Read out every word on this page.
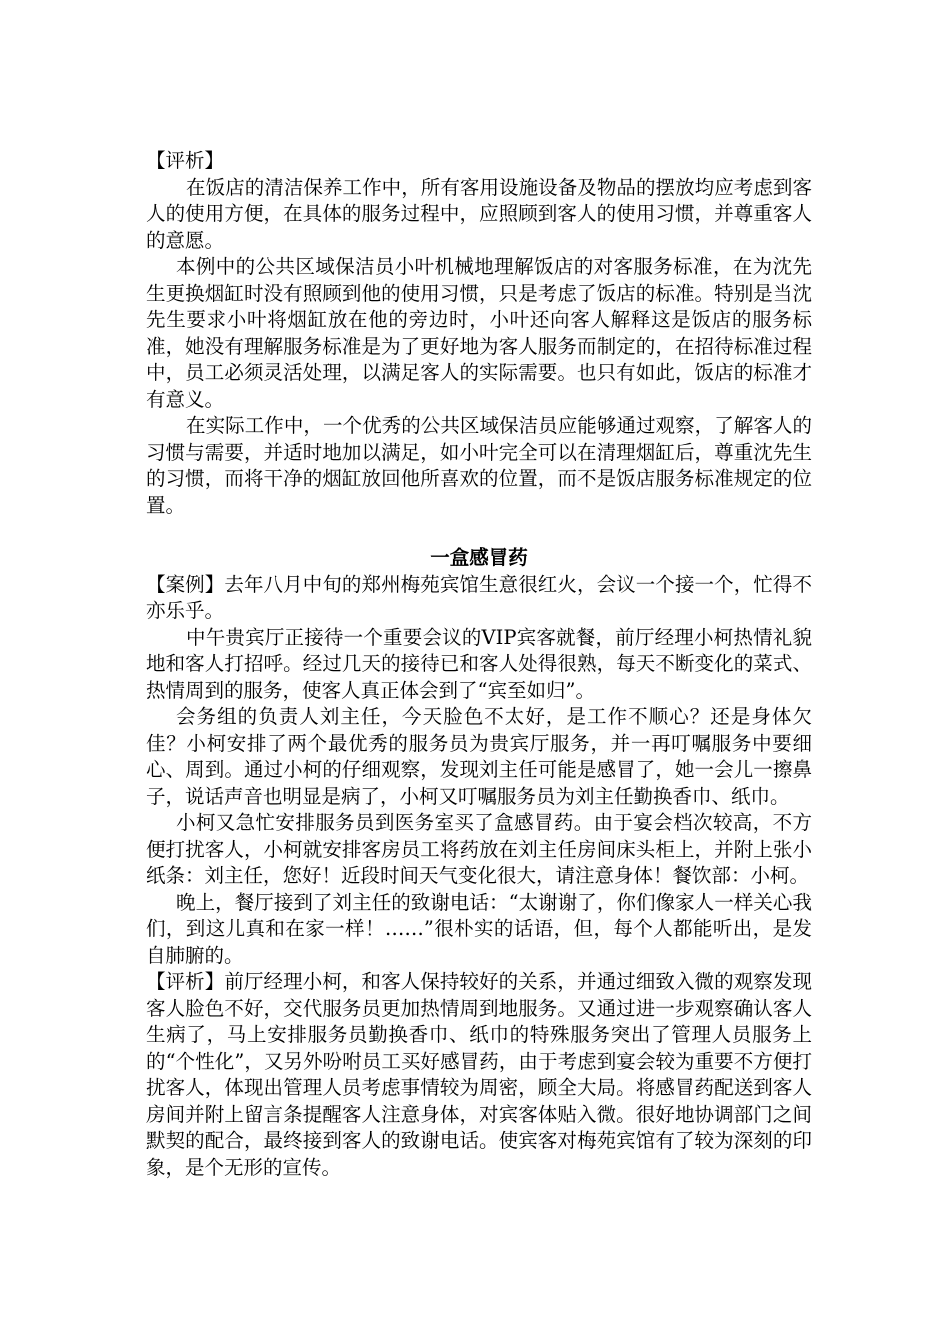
【评析】

在饭店的清洁保养工作中，所有客用设施设备及物品的摆放均应考虑到客人的使用方便，在具体的服务过程中，应照顾到客人的使用习惯，并尊重客人的意愿。

本例中的公共区域保洁员小叶机械地理解饭店的对客服务标准，在为沈先生更换烟缸时没有照顾到他的使用习惯，只是考虑了饭店的标准。特别是当沈先生要求小叶将烟缸放在他的旁边时，小叶还向客人解释这是饭店的服务标准，她没有理解服务标准是为了更好地为客人服务而制定的，在招待标准过程中，员工必须灵活处理，以满足客人的实际需要。也只有如此，饭店的标准才有意义。

在实际工作中，一个优秀的公共区域保洁员应能够通过观察，了解客人的习惯与需要，并适时地加以满足，如小叶完全可以在清理烟缸后，尊重沈先生的习惯，而将干净的烟缸放回他所喜欢的位置，而不是饭店服务标准规定的位置。

一盒感冒药

【案例】去年八月中旬的郑州梅苑宾馆生意很红火，会议一个接一个，忙得不亦乐乎。

中午贵宾厅正接待一个重要会议的VIP宾客就餐，前厅经理小柯热情礼貌地和客人打招呼。经过几天的接待已和客人处得很熟，每天不断变化的菜式、热情周到的服务，使客人真正体会到了“宾至如归”。

会务组的负责人刘主任，今天脸色不太好，是工作不顺心？还是身体欠佳？小柯安排了两个最优秀的服务员为贵宾厅服务，并一再叮嘱服务中要细心、周到。通过小柯的仔细观察，发现刘主任可能是感冒了，她一会儿一擦鼻子，说话声音也明显是病了，小柯又叮嘱服务员为刘主任勤换香巾、纸巾。

小柯又急忙安排服务员到医务室买了盒感冒药。由于宴会档次较高，不方便打扰客人，小柯就安排客房员工将药放在刘主任房间床头柜上，并附上张小纸条：刘主任，您好！近段时间天气变化很大，请注意身体！餐饮部：小柯。

晚上，餐厅接到了刘主任的致谢电话：“太谢谢了，你们像家人一样关心我们，到这儿真和在家一样！……”很朴实的话语，但，每个人都能听出，是发自肺腑的。

【评析】前厅经理小柯，和客人保持较好的关系，并通过细致入微的观察发现客人脸色不好，交代服务员更加热情周到地服务。又通过进一步观察确认客人生病了，马上安排服务员勤换香巾、纸巾的特殊服务突出了管理人员服务上的“个性化”，又另外吩咐员工买好感冒药，由于考虑到宴会较为重要不方便打扰客人，体现出管理人员考虑事情较为周密，顾全大局。将感冒药配送到客人房间并附上留言条提醒客人注意身体，对宾客体贴入微。很好地协调部门之间默契的配合，最终接到客人的致谢电话。使宾客对梅苑宾馆有了较为深刻的印象，是个无形的宣传。
